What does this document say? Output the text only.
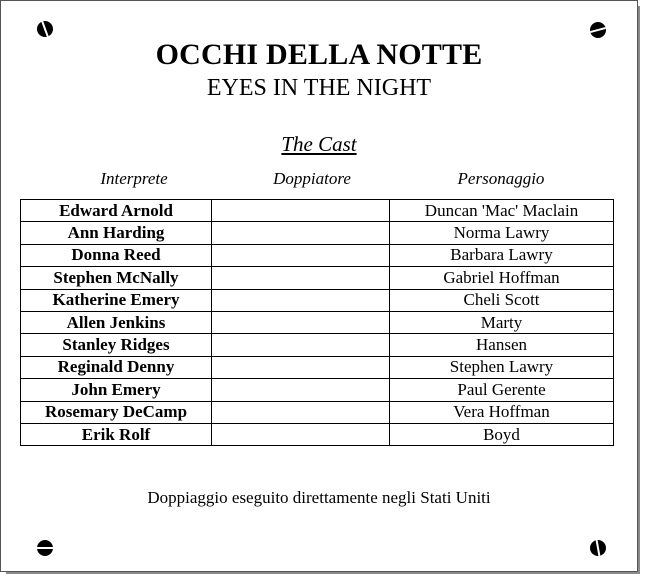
OCCHI DELLA NOTTE
EYES IN THE NIGHT
The Cast
Interprete	Doppiatore	Personaggio
Edward Arnold		Duncan 'Mac' Maclain
Ann Harding		Norma Lawry
Donna Reed		Barbara Lawry
Stephen McNally		Gabriel Hoffman
Katherine Emery		Cheli Scott
Allen Jenkins		Marty
Stanley Ridges		Hansen
Reginald Denny		Stephen Lawry
John Emery		Paul Gerente
Rosemary DeCamp		Vera Hoffman
Erik Rolf		Boyd
Doppiaggio eseguito direttamente negli Stati Uniti
